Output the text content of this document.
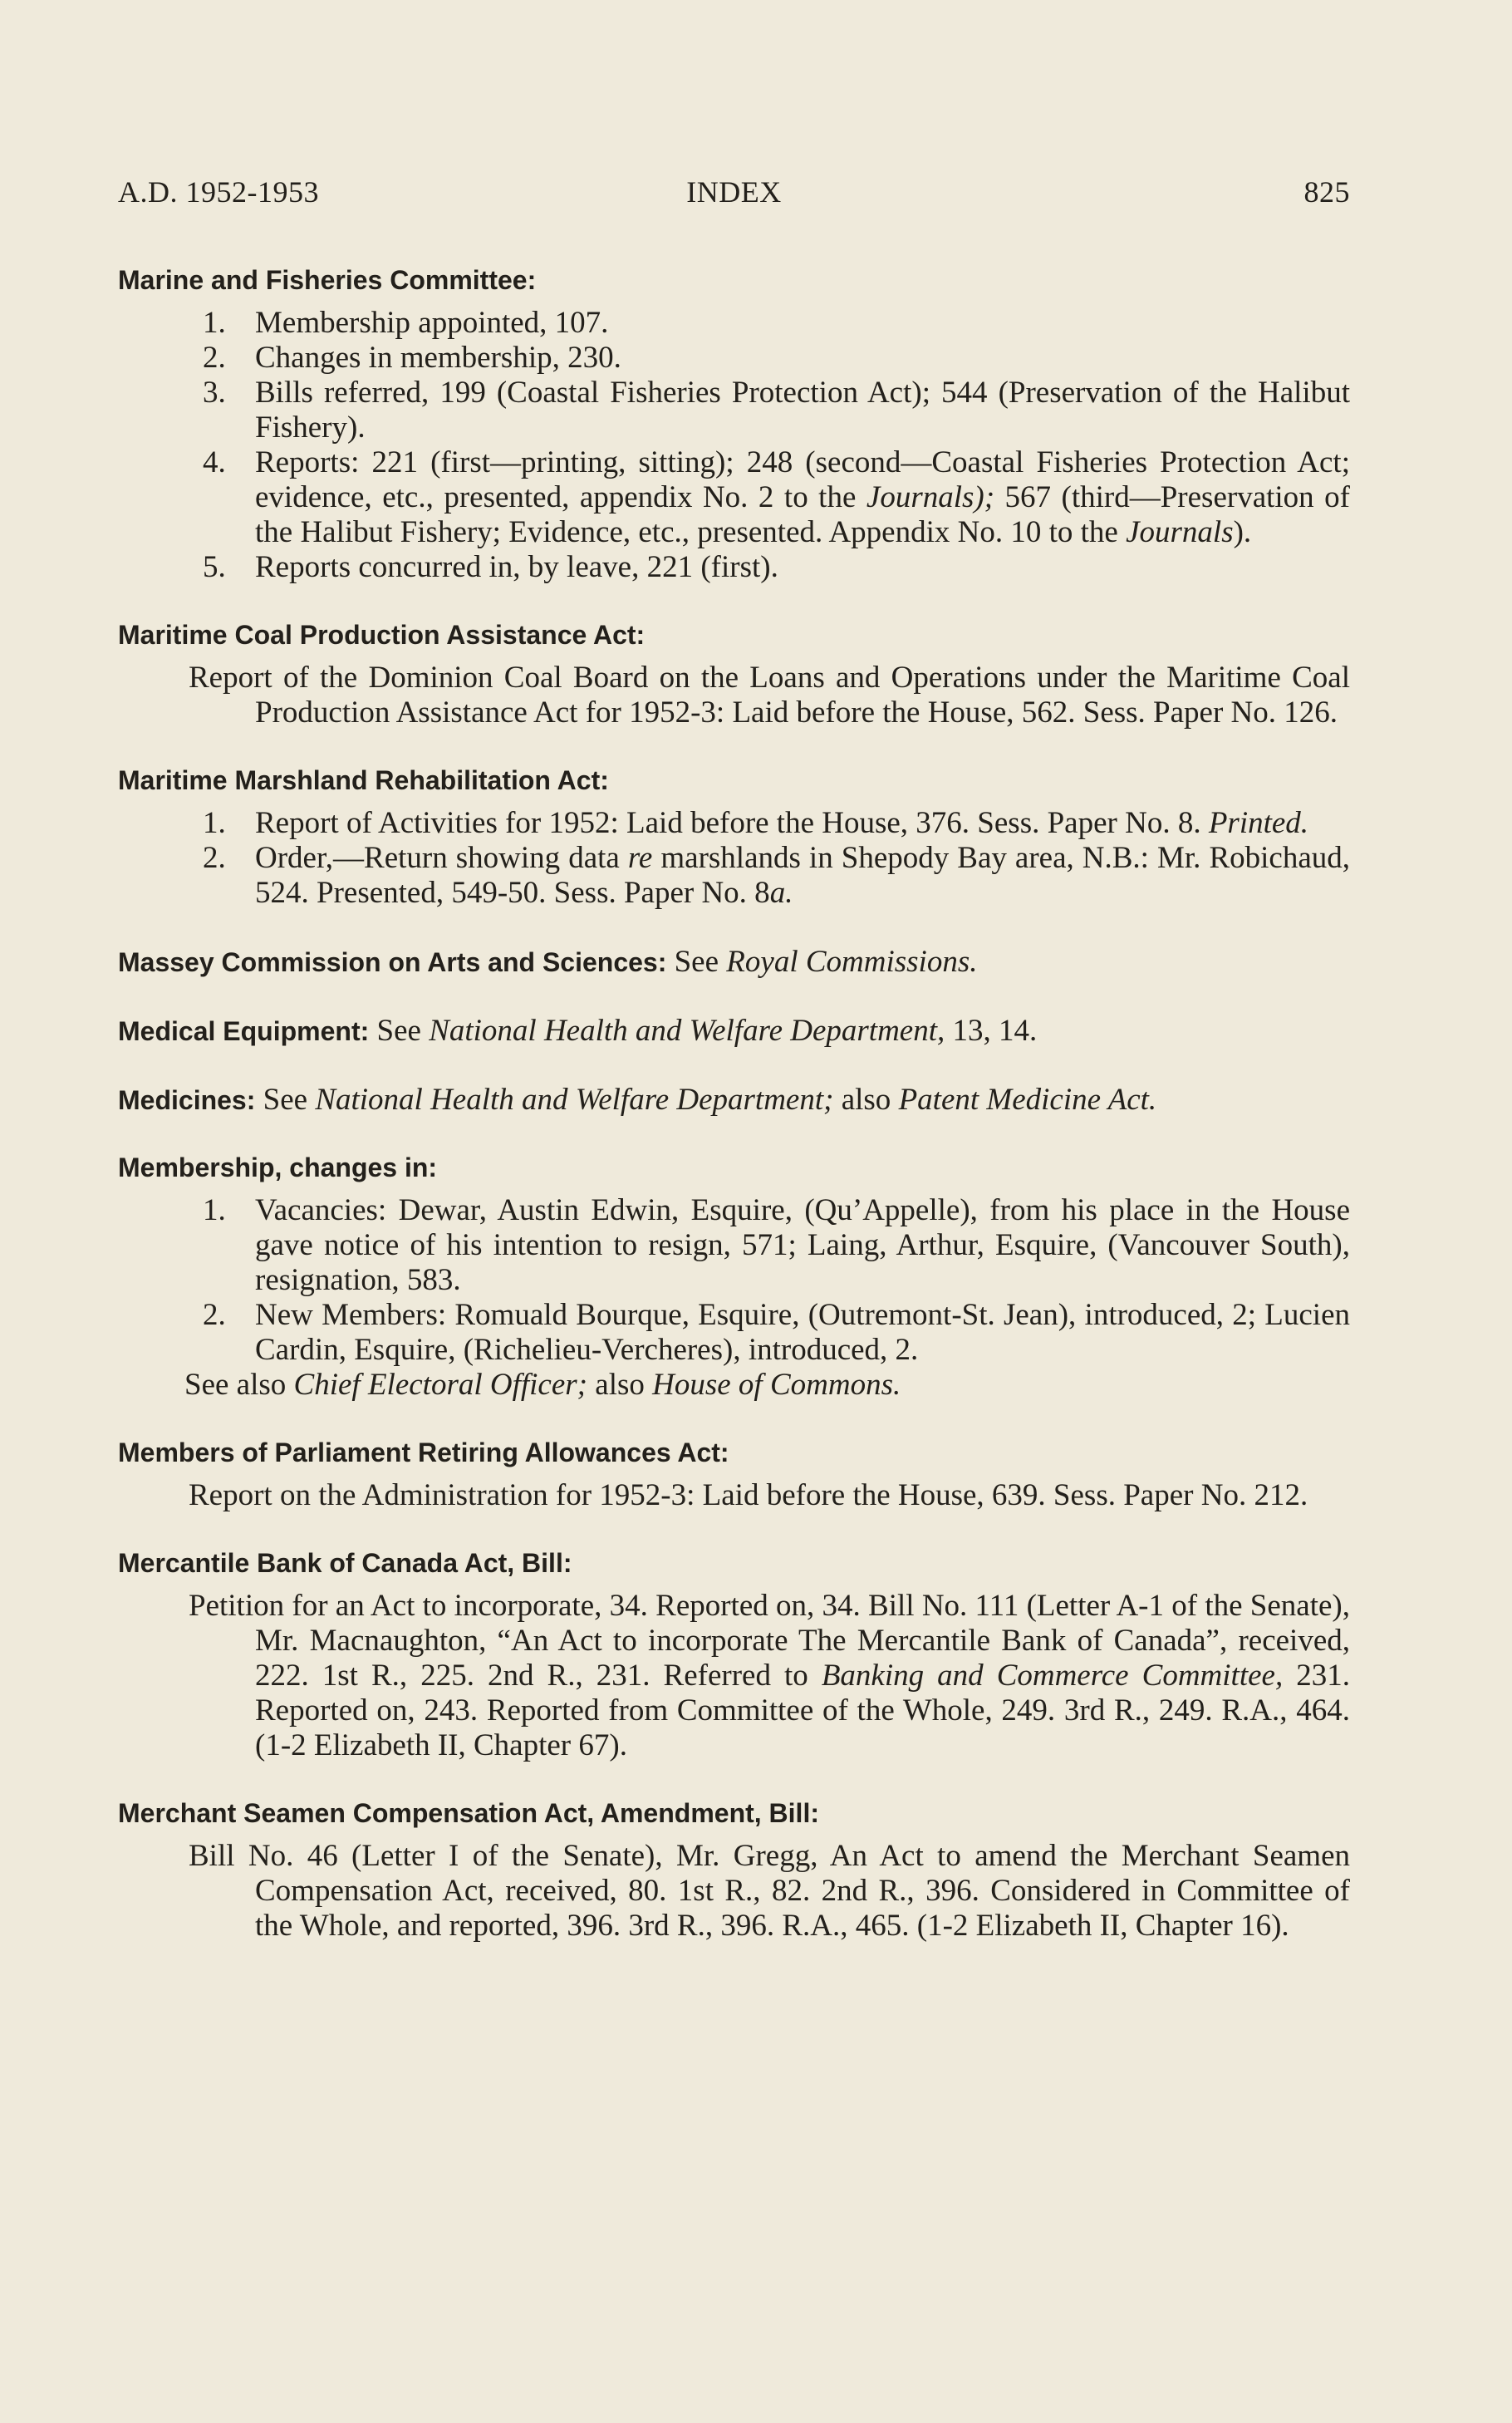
A.D. 1952-1953	INDEX	825
Marine and Fisheries Committee:
1. Membership appointed, 107.
2. Changes in membership, 230.
3. Bills referred, 199 (Coastal Fisheries Protection Act); 544 (Preservation of the Halibut Fishery).
4. Reports: 221 (first—printing, sitting); 248 (second—Coastal Fisheries Protection Act; evidence, etc., presented, appendix No. 2 to the Journals); 567 (third—Preservation of the Halibut Fishery; Evidence, etc., presented. Appendix No. 10 to the Journals).
5. Reports concurred in, by leave, 221 (first).
Maritime Coal Production Assistance Act:

Report of the Dominion Coal Board on the Loans and Operations under the Maritime Coal Production Assistance Act for 1952-3: Laid before the House, 562. Sess. Paper No. 126.

Maritime Marshland Rehabilitation Act:
1. Report of Activities for 1952: Laid before the House, 376. Sess. Paper No. 8. Printed.
2. Order,—Return showing data re marshlands in Shepody Bay area, N.B.: Mr. Robichaud, 524. Presented, 549-50. Sess. Paper No. 8a.

Massey Commission on Arts and Sciences: See Royal Commissions.

Medical Equipment: See National Health and Welfare Department, 13, 14.

Medicines: See National Health and Welfare Department; also Patent Medicine Act.

Membership, changes in:
1. Vacancies: Dewar, Austin Edwin, Esquire, (Qu’Appelle), from his place in the House gave notice of his intention to resign, 571; Laing, Arthur, Esquire, (Vancouver South), resignation, 583.
2. New Members: Romuald Bourque, Esquire, (Outremont-St. Jean), introduced, 2; Lucien Cardin, Esquire, (Richelieu-Vercheres), introduced, 2.

See also Chief Electoral Officer; also House of Commons.

Members of Parliament Retiring Allowances Act:

Report on the Administration for 1952-3: Laid before the House, 639. Sess. Paper No. 212.

Mercantile Bank of Canada Act, Bill:

Petition for an Act to incorporate, 34. Reported on, 34. Bill No. 111 (Letter A-1 of the Senate), Mr. Macnaughton, “An Act to incorporate The Mercantile Bank of Canada”, received, 222. 1st R., 225. 2nd R., 231. Referred to Banking and Commerce Committee, 231. Reported on, 243. Reported from Committee of the Whole, 249. 3rd R., 249. R.A., 464. (1-2 Elizabeth II, Chapter 67).

Merchant Seamen Compensation Act, Amendment, Bill:

Bill No. 46 (Letter I of the Senate), Mr. Gregg, An Act to amend the Merchant Seamen Compensation Act, received, 80. 1st R., 82. 2nd R., 396. Considered in Committee of the Whole, and reported, 396. 3rd R., 396. R.A., 465. (1-2 Elizabeth II, Chapter 16).
